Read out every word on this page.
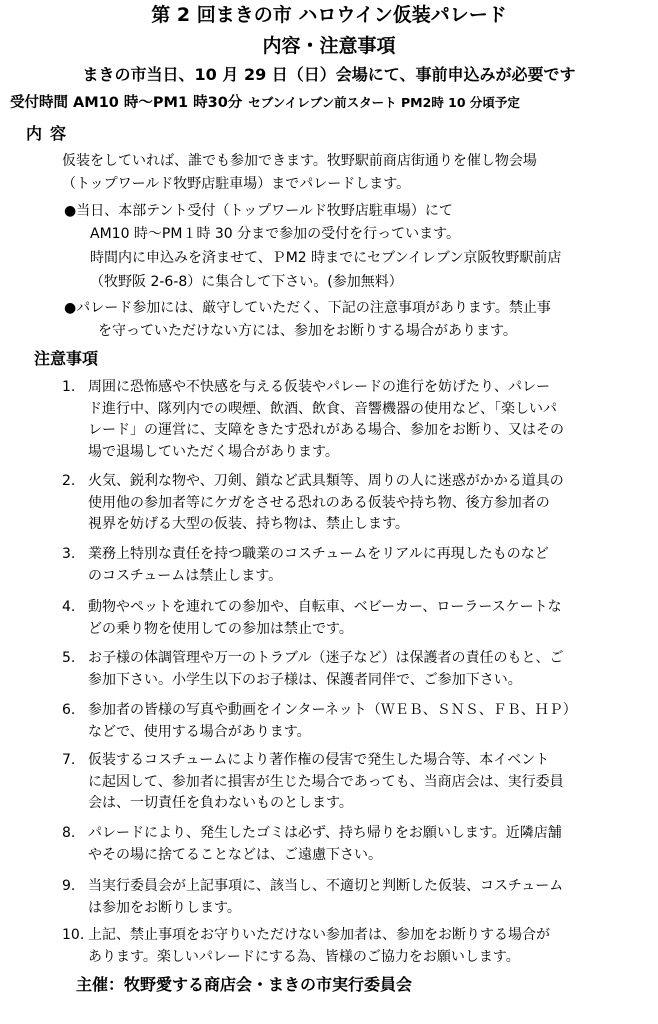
第 2 回まきの市 ハロウイン仮装パレード
内容・注意事項
まきの市当日、10 月 29 日（日）会場にて、事前申込みが必要です
受付時間 AM10 時～PM1 時30分 セブンイレブン前スタート PM2時 10 分頃予定
内容
仮装をしていれば、誰でも参加できます。牧野駅前商店街通りを催し物会場
（トップワールド牧野店駐車場）までパレードします。
●当日、本部テント受付（トップワールド牧野店駐車場）にて
AM10 時～PM１時 30 分まで参加の受付を行っています。
時間内に申込みを済ませて、ＰM2 時までにセブンイレブン京阪牧野駅前店
（牧野阪 2-6-8）に集合して下さい。(参加無料）
●パレード参加には、厳守していただく、下記の注意事項があります。禁止事
を守っていただけない方には、参加をお断りする場合があります。
注意事項
1. 周囲に恐怖感や不快感を与える仮装やパレードの進行を妨げたり、パレー
ド進行中、隊列内での喫煙、飲酒、飲食、音響機器の使用など、「楽しいパ
レード」の運営に、支障をきたす恐れがある場合、参加をお断り、又はその
場で退場していただく場合があります。
2. 火気、鋭利な物や、刀剣、鎖など武具類等、周りの人に迷惑がかかる道具の
使用他の参加者等にケガをさせる恐れのある仮装や持ち物、後方参加者の
視界を妨げる大型の仮装、持ち物は、禁止します。
3. 業務上特別な責任を持つ職業のコスチュームをリアルに再現したものなど
のコスチュームは禁止します。
4. 動物やペットを連れての参加や、自転車、ベビーカー、ローラースケートな
どの乗り物を使用しての参加は禁止です。
5. お子様の体調管理や万一のトラブル（迷子など）は保護者の責任のもと、ご
参加下さい。小学生以下のお子様は、保護者同伴で、ご参加下さい。
6. 参加者の皆様の写真や動画をインターネット（ＷＥＢ、ＳＮＳ、ＦＢ、ＨＰ）
などで、使用する場合があります。
7. 仮装するコスチュームにより著作権の侵害で発生した場合等、本イベント
に起因して、参加者に損害が生じた場合であっても、当商店会は、実行委員
会は、一切責任を負わないものとします。
8. パレードにより、発生したゴミは必ず、持ち帰りをお願いします。近隣店舗
やその場に捨てることなどは、ご遠慮下さい。
9. 当実行委員会が上記事項に、該当し、不適切と判断した仮装、コスチューム
は参加をお断りします。
10. 上記、禁止事項をお守りいただけない参加者は、参加をお断りする場合が
あります。楽しいパレードにする為、皆様のご協力をお願いします。
主催：牧野愛する商店会・まきの市実行委員会
